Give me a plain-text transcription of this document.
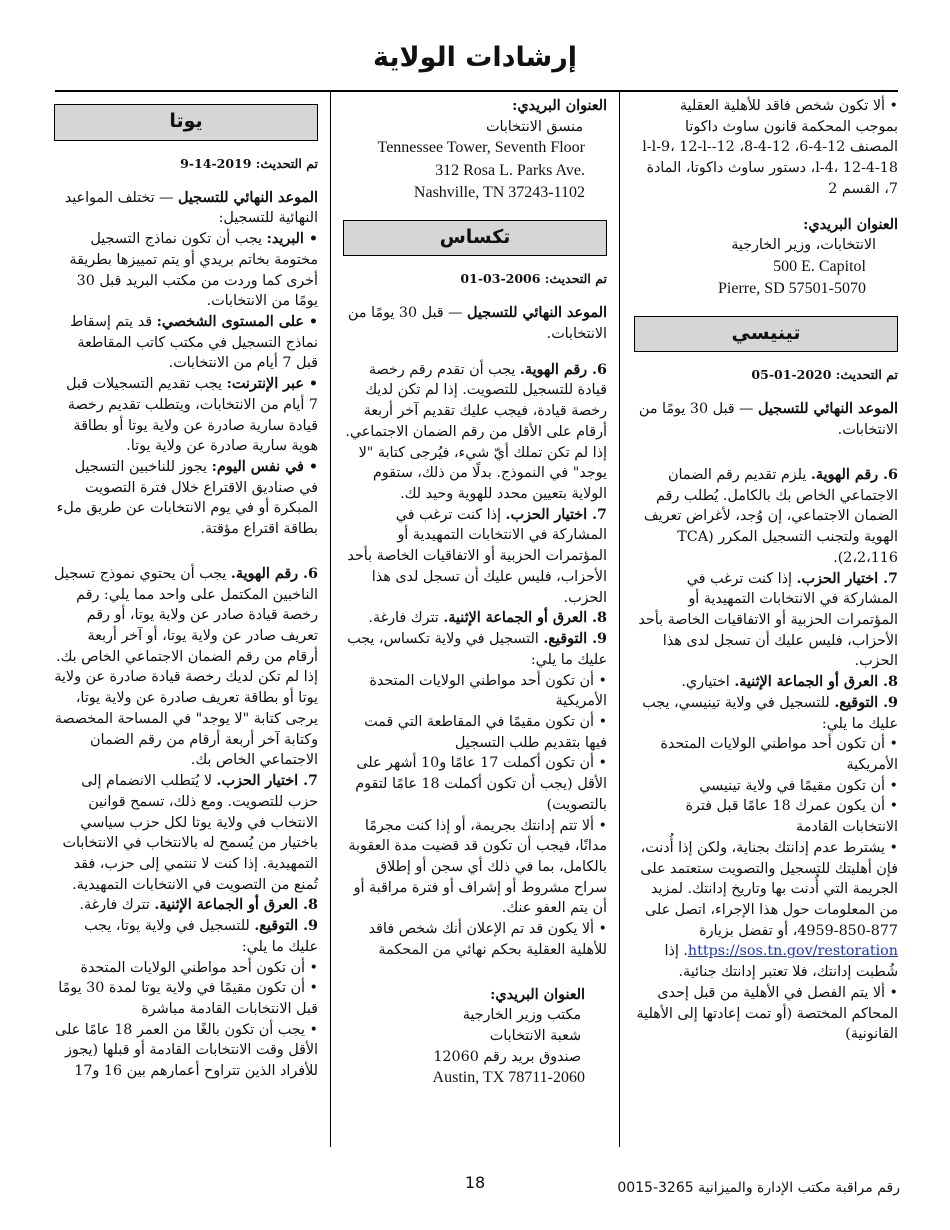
إرشادات الولاية

• ألا تكون شخص فاقد للأهلية العقلية بموجب المحكمة قانون ساوث داكوتا المصنف 12-4-6، 12-4-8، 12-l-l-9، 12-l-l-4، 12-4-18، دستور ساوث داكوتا، المادة 7، القسم 2

العنوان البريدي:

الانتخابات، وزير الخارجية

500 E. Capitol

Pierre, SD 57501-5070

تينيسي

تم التحديث: 2020-01-05

الموعد النهائي للتسجيل — قبل 30 يومًا من الانتخابات.

6. رقم الهوية. يلزم تقديم رقم الضمان الاجتماعي الخاص بك بالكامل. يُطلب رقم الضمان الاجتماعي، إن وُجد، لأغراض تعريف الهوية ولتجنب التسجيل المكرر (TCA 2،2،116).

7. اختيار الحزب. إذا كنت ترغب في المشاركة في الانتخابات التمهيدية أو المؤتمرات الحزبية أو الاتفاقيات الخاصة بأحد الأحزاب، فليس عليك أن تسجل لدى هذا الحزب.

8. العرق أو الجماعة الإثنية. اختياري.

9. التوقيع. للتسجيل في ولاية تينيسي، يجب عليك ما يلي:

• أن تكون أحد مواطني الولايات المتحدة الأمريكية

• أن تكون مقيمًا في ولاية تينيسي

• أن يكون عمرك 18 عامًا قبل فترة الانتخابات القادمة

• يشترط عدم إدانتك بجناية، ولكن إذا أُدنت، فإن أهليتك للتسجيل والتصويت ستعتمد على الجريمة التي أُدنت بها وتاريخ إدانتك. لمزيد من المعلومات حول هذا الإجراء، اتصل على 877-850-4959، أو تفضل بزيارة https://sos.tn.gov/restoration. إذا شُطبت إدانتك، فلا تعتبر إدانتك جنائية.

• ألا يتم الفصل في الأهلية من قبل إحدى المحاكم المختصة (أو تمت إعادتها إلى الأهلية القانونية)

العنوان البريدي:

منسق الانتخابات

Tennessee Tower, Seventh Floor

312 Rosa L. Parks Ave.

Nashville, TN 37243-1102

تكساس

تم التحديث: 2006-03-01

الموعد النهائي للتسجيل — قبل 30 يومًا من الانتخابات.

6. رقم الهوية. يجب أن تقدم رقم رخصة قيادة للتسجيل للتصويت. إذا لم تكن لديك رخصة قيادة، فيجب عليك تقديم آخر أربعة أرقام على الأقل من رقم الضمان الاجتماعي. إذا لم تكن تملك أيّ شيء، فيُرجى كتابة "لا يوجد" في النموذج. بدلًا من ذلك، ستقوم الولاية بتعيين محدد للهوية وحيد لك.

7. اختيار الحزب. إذا كنت ترغب في المشاركة في الانتخابات التمهيدية أو المؤتمرات الحزبية أو الاتفاقيات الخاصة بأحد الأحزاب، فليس عليك أن تسجل لدى هذا الحزب.

8. العرق أو الجماعة الإثنية. تترك فارغة.

9. التوقيع. التسجيل في ولاية تكساس، يجب عليك ما يلي:

• أن تكون أحد مواطني الولايات المتحدة الأمريكية

• أن تكون مقيمًا في المقاطعة التي قمت فيها بتقديم طلب التسجيل

• أن تكون أكملت 17 عامًا و10 أشهر على الأقل (يجب أن تكون أكملت 18 عامًا لتقوم بالتصويت)

• ألا تتم إدانتك بجريمة، أو إذا كنت مجرمًا مدانًا، فيجب أن تكون قد قضيت مدة العقوبة بالكامل، بما في ذلك أي سجن أو إطلاق سراح مشروط أو إشراف أو فترة مراقبة أو أن يتم العفو عنك.

• ألا يكون قد تم الإعلان أنك شخص فاقد للأهلية العقلية بحكم نهائي من المحكمة

العنوان البريدي:

مكتب وزير الخارجية

شعبة الانتخابات

صندوق بريد رقم 12060

Austin, TX 78711-2060

يوتا

تم التحديث: 2019-14-9

الموعد النهائي للتسجيل — تختلف المواعيد النهائية للتسجيل:

• البريد: يجب أن تكون نماذج التسجيل مختومة بخاتم بريدي أو يتم تمييزها بطريقة أخرى كما وردت من مكتب البريد قبل 30 يومًا من الانتخابات.

• على المستوى الشخصي: قد يتم إسقاط نماذج التسجيل في مكتب كاتب المقاطعة قبل 7 أيام من الانتخابات.

• عبر الإنترنت: يجب تقديم التسجيلات قبل 7 أيام من الانتخابات، ويتطلب تقديم رخصة قيادة سارية صادرة عن ولاية يوتا أو بطاقة هوية سارية صادرة عن ولاية يوتا.

• في نفس اليوم: يجوز للناخبين التسجيل في صناديق الاقتراع خلال فترة التصويت المبكرة أو في يوم الانتخابات عن طريق ملء بطاقة اقتراع مؤقتة.

6. رقم الهوية. يجب أن يحتوي نموذج تسجيل الناخبين المكتمل على واحد مما يلي: رقم رخصة قيادة صادر عن ولاية يوتا، أو رقم تعريف صادر عن ولاية يوتا، أو آخر أربعة أرقام من رقم الضمان الاجتماعي الخاص بك. إذا لم تكن لديك رخصة قيادة صادرة عن ولاية يوتا أو بطاقة تعريف صادرة عن ولاية يوتا، يرجى كتابة "لا يوجد" في المساحة المخصصة وكتابة آخر أربعة أرقام من رقم الضمان الاجتماعي الخاص بك.

7. اختيار الحزب. لا يُتطلب الانضمام إلى حزب للتصويت. ومع ذلك، تسمح قوانين الانتخاب في ولاية يوتا لكل حزب سياسي باختيار من يُسمح له بالانتخاب في الانتخابات التمهيدية. إذا كنت لا تنتمي إلى حزب، فقد تُمنع من التصويت في الانتخابات التمهيدية.

8. العرق أو الجماعة الإثنية. تترك فارغة.

9. التوقيع. للتسجيل في ولاية يوتا، يجب عليك ما يلي:

• أن تكون أحد مواطني الولايات المتحدة

• أن تكون مقيمًا في ولاية يوتا لمدة 30 يومًا قبل الانتخابات القادمة مباشرة

• يجب أن تكون بالغًا من العمر 18 عامًا على الأقل وقت الانتخابات القادمة أو قبلها (يجوز للأفراد الذين تتراوح أعمارهم بين 16 و17

18	رقم مراقبة مكتب الإدارة والميزانية 3265-0015
